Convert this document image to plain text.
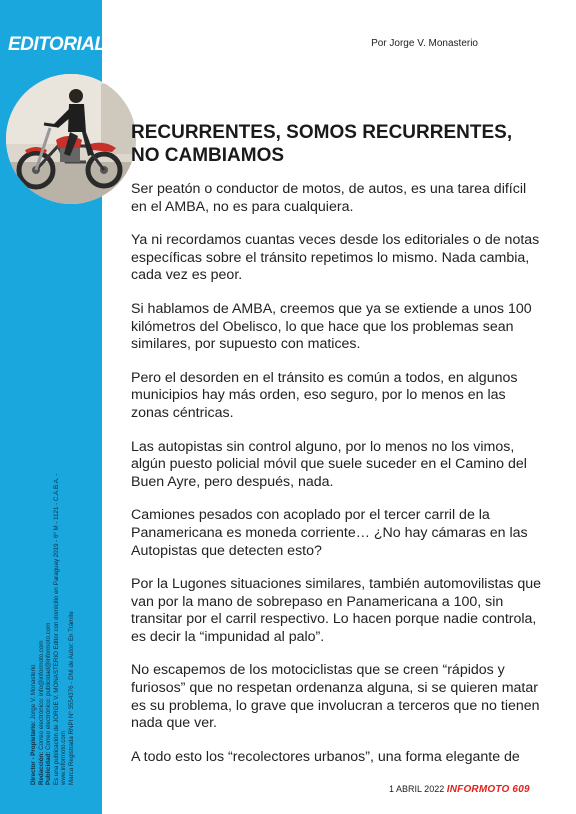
EDITORIAL
Director - Propietario: Jorge V. Monasterio
Redacción: Correo electrónico: info@informoto.com
Publicidad: Correo electrónico: publicidad@informoto.com Es una publicación de JORGE V. MONASTERIO Editor con domicilio en Paraguay 2019 - 6º M - 1121 - C.A.B.A. - www.informoto.com Marca Registrada RNPI Nº 3554376 - DNI de Autor: En Trámite
Por Jorge V. Monasterio
RECURRENTES, SOMOS RECURRENTES,
NO CAMBIAMOS

Ser peatón o conductor de motos, de autos, es una tarea difícil en el AMBA, no es para cualquiera.

Ya ni recordamos cuantas veces desde los editoriales o de notas específicas sobre el tránsito repetimos lo mismo. Nada cambia, cada vez es peor.

Si hablamos de AMBA, creemos que ya se extiende a unos 100 kilómetros del Obelisco, lo que hace que los problemas sean similares, por supuesto con matices.

Pero el desorden en el tránsito es común a todos, en algunos municipios hay más orden, eso seguro, por lo menos en las zonas céntricas.

Las autopistas sin control alguno, por lo menos no los vimos, algún puesto policial móvil que suele suceder en el Camino del Buen Ayre, pero después, nada.

Camiones pesados con acoplado por el tercer carril de la Panamericana es moneda corriente… ¿No hay cámaras en las Autopistas que detecten esto?

Por la Lugones situaciones similares, también automovilistas que van por la mano de sobrepaso en Panamericana a 100, sin transitar por el carril respectivo. Lo hacen porque nadie controla, es decir la “impunidad al palo”.

No escapemos de los motociclistas que se creen “rápidos y furiosos” que no respetan ordenanza alguna, si se quieren matar es su problema, lo grave que involucran a terceros que no tienen nada que ver.

A todo esto los “recolectores urbanos”, una forma elegante de

1 ABRIL 2022 INFORMOTO 609
